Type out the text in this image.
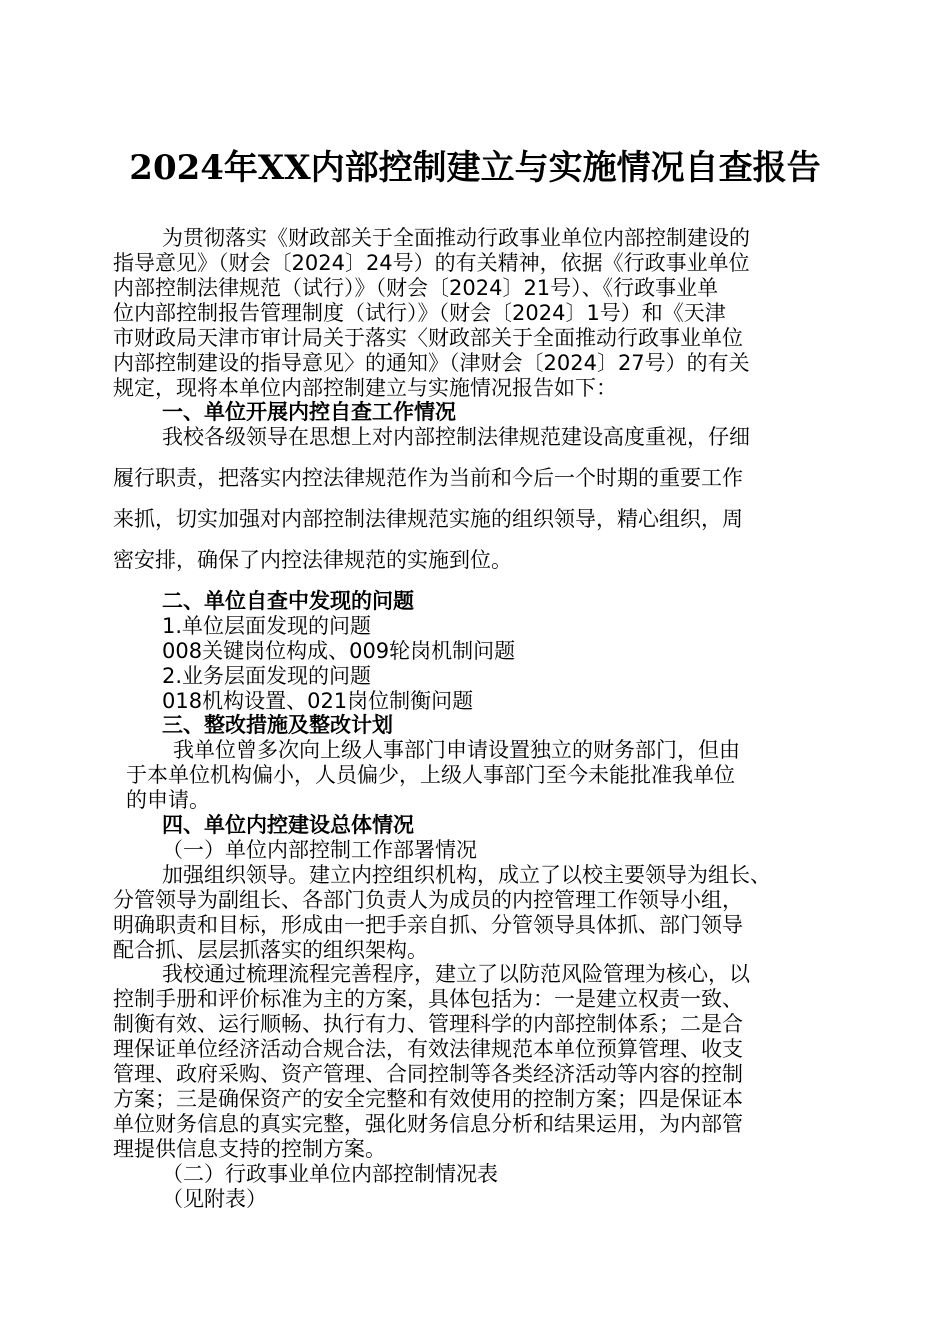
2024年XX内部控制建立与实施情况自查报告
为贯彻落实《财政部关于全面推动行政事业单位内部控制建设的
指导意见》（财会〔2024〕24号）的有关精神，依据《行政事业单位
内部控制法律规范（试行）》（财会〔2024〕21号）、《行政事业单
位内部控制报告管理制度（试行）》（财会〔2024〕1号）和《天津
市财政局天津市审计局关于落实〈财政部关于全面推动行政事业单位
内部控制建设的指导意见〉的通知》（津财会〔2024〕27号）的有关
规定，现将本单位内部控制建立与实施情况报告如下：
一、单位开展内控自查工作情况
我校各级领导在思想上对内部控制法律规范建设高度重视，仔细
履行职责，把落实内控法律规范作为当前和今后一个时期的重要工作
来抓，切实加强对内部控制法律规范实施的组织领导，精心组织，周
密安排，确保了内控法律规范的实施到位。
二、单位自查中发现的问题
1.单位层面发现的问题
008关键岗位构成、009轮岗机制问题
2.业务层面发现的问题
018机构设置、021岗位制衡问题
三、整改措施及整改计划
我单位曾多次向上级人事部门申请设置独立的财务部门，但由
于本单位机构偏小，人员偏少，上级人事部门至今未能批准我单位
的申请。
四、单位内控建设总体情况
（一）单位内部控制工作部署情况
加强组织领导。建立内控组织机构，成立了以校主要领导为组长、
分管领导为副组长、各部门负责人为成员的内控管理工作领导小组，
明确职责和目标，形成由一把手亲自抓、分管领导具体抓、部门领导
配合抓、层层抓落实的组织架构。
我校通过梳理流程完善程序，建立了以防范风险管理为核心，以
控制手册和评价标准为主的方案，具体包括为：一是建立权责一致、
制衡有效、运行顺畅、执行有力、管理科学的内部控制体系；二是合
理保证单位经济活动合规合法，有效法律规范本单位预算管理、收支
管理、政府采购、资产管理、合同控制等各类经济活动等内容的控制
方案；三是确保资产的安全完整和有效使用的控制方案；四是保证本
单位财务信息的真实完整，强化财务信息分析和结果运用，为内部管
理提供信息支持的控制方案。
（二）行政事业单位内部控制情况表
（见附表）
